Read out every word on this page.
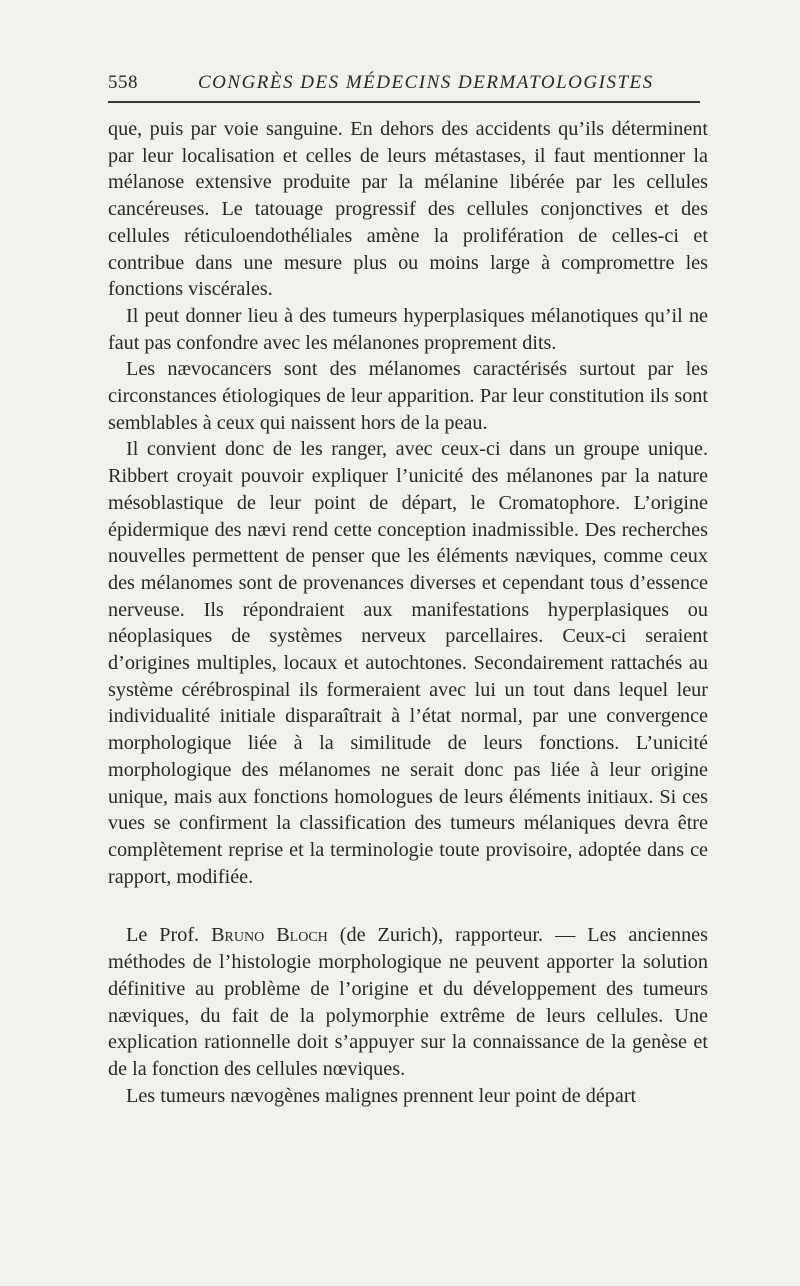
558	CONGRÈS DES MÉDECINS DERMATOLOGISTES

que, puis par voie sanguine. En dehors des accidents qu’ils déterminent par leur localisation et celles de leurs métastases, il faut mentionner la mélanose extensive produite par la mélanine libérée par les cellules cancéreuses. Le tatouage progressif des cellules conjonctives et des cellules réticuloendothéliales amène la prolifération de celles-ci et contribue dans une mesure plus ou moins large à compromettre les fonctions viscérales.

Il peut donner lieu à des tumeurs hyperplasiques mélanotiques qu’il ne faut pas confondre avec les mélanones proprement dits.

Les nævocancers sont des mélanomes caractérisés surtout par les circonstances étiologiques de leur apparition. Par leur constitution ils sont semblables à ceux qui naissent hors de la peau.

Il convient donc de les ranger, avec ceux-ci dans un groupe unique. Ribbert croyait pouvoir expliquer l’unicité des mélanones par la nature mésoblastique de leur point de départ, le Cromatophore. L’origine épidermique des nævi rend cette conception inadmissible. Des recherches nouvelles permettent de penser que les éléments næviques, comme ceux des mélanomes sont de provenances diverses et cependant tous d’essence nerveuse. Ils répondraient aux manifestations hyperplasiques ou néoplasiques de systèmes nerveux parcellaires. Ceux-ci seraient d’origines multiples, locaux et autochtones. Secondairement rattachés au système cérébrospinal ils formeraient avec lui un tout dans lequel leur individualité initiale disparaîtrait à l’état normal, par une convergence morphologique liée à la similitude de leurs fonctions. L’unicité morphologique des mélanomes ne serait donc pas liée à leur origine unique, mais aux fonctions homologues de leurs éléments initiaux. Si ces vues se confirment la classification des tumeurs mélaniques devra être complètement reprise et la terminologie toute provisoire, adoptée dans ce rapport, modifiée.

Le Prof. Bruno Bloch (de Zurich), rapporteur. — Les anciennes méthodes de l’histologie morphologique ne peuvent apporter la solution définitive au problème de l’origine et du développement des tumeurs næviques, du fait de la polymorphie extrême de leurs cellules. Une explication rationnelle doit s’appuyer sur la connaissance de la genèse et de la fonction des cellules nœviques.

Les tumeurs nævogènes malignes prennent leur point de départ
